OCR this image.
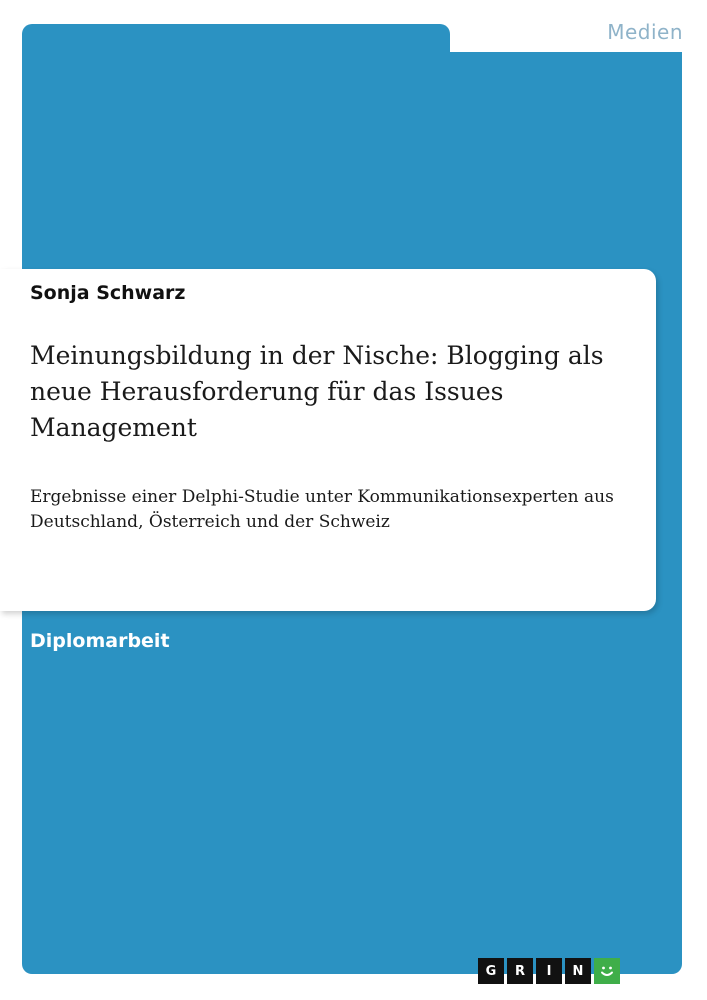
Medien
Sonja Schwarz
Meinungsbildung in der Nische: Blogging als neue Herausforderung für das Issues Management

Ergebnisse einer Delphi-Studie unter Kommunikationsexperten aus Deutschland, Österreich und der Schweiz

Diplomarbeit
G	R	I	N
